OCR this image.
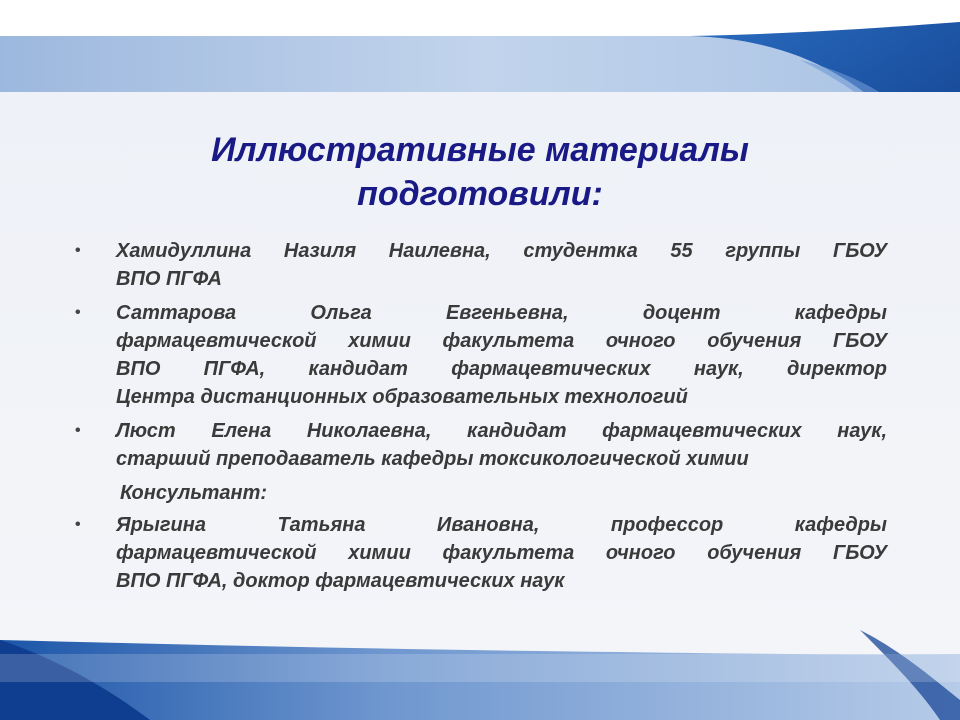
Иллюстративные материалы
подготовили:
•	Хамидуллина Назиля Наилевна, студентка 55 группы ГБОУ
ВПО ПГФА
•	Саттарова Ольга Евгеньевна, доцент кафедры
фармацевтической химии факультета очного обучения ГБОУ
ВПО ПГФА, кандидат фармацевтических наук, директор
Центра дистанционных образовательных технологий
•	Люст Елена Николаевна, кандидат фармацевтических наук,
старший преподаватель кафедры токсикологической химии
Консультант:
•	Ярыгина Татьяна Ивановна, профессор кафедры
фармацевтической химии факультета очного обучения ГБОУ
ВПО ПГФА, доктор фармацевтических наук
